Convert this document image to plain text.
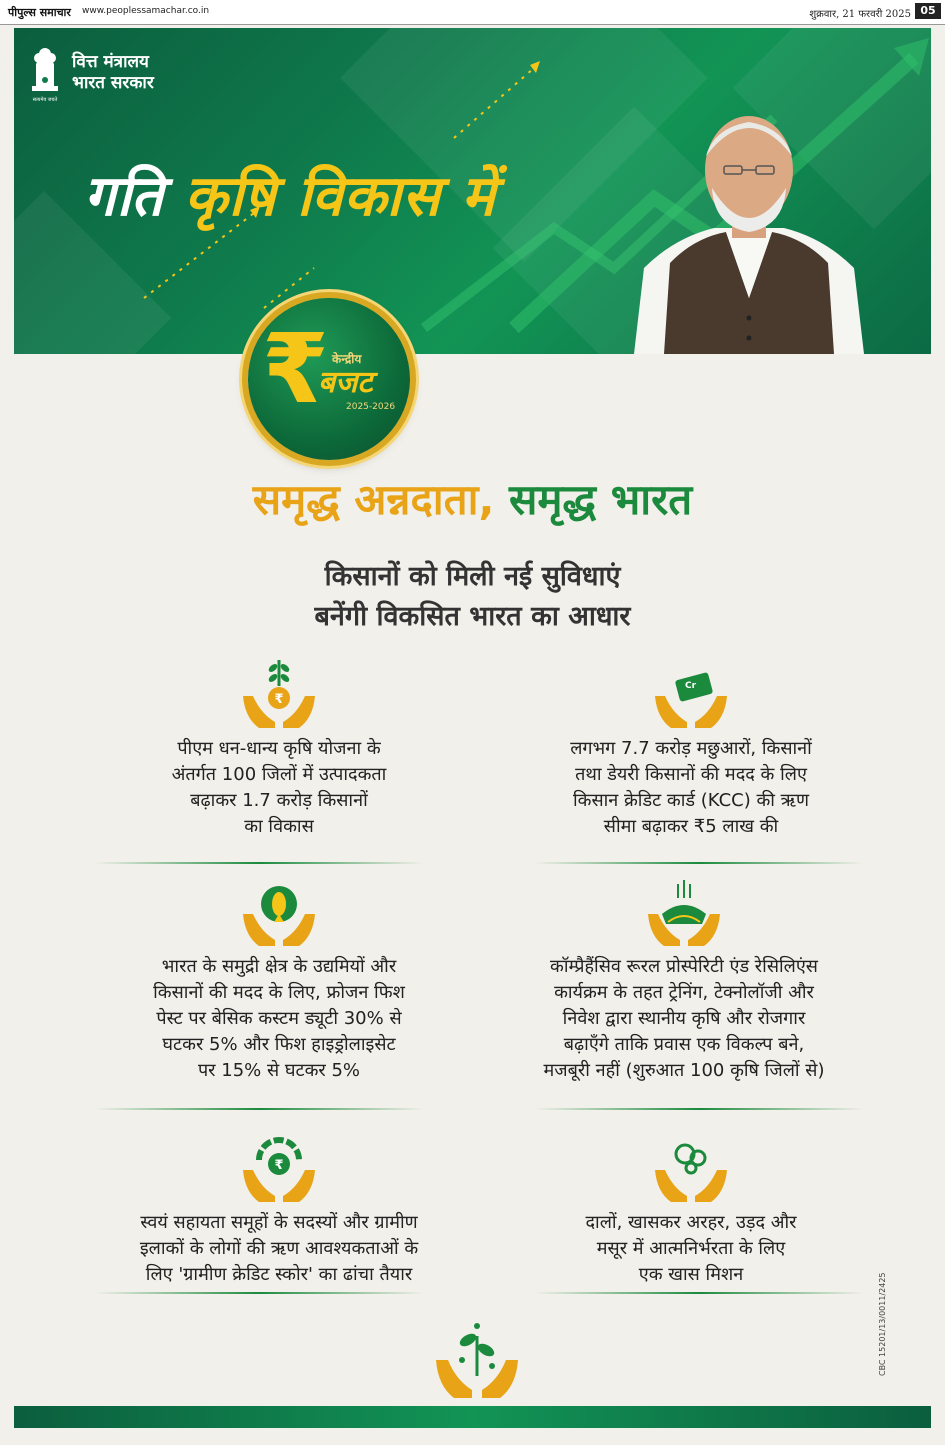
पीपुल्स समाचार www.peoplessamachar.co.in	शुक्रवार, 21 फरवरी 2025 05
सत्यमेव जयते
वित्त मंत्रालय
भारत सरकार
गति कृषि विकास में
₹ केन्द्रीय
बजट
2025-2026
समृद्ध अन्नदाता, समृद्ध भारत
किसानों को मिली नई सुविधाएं
बनेंगी विकसित भारत का आधार
₹
पीएम धन-धान्य कृषि योजना के
अंतर्गत 100 जिलों में उत्पादकता
बढ़ाकर 1.7 करोड़ किसानों
का विकास
Cr
लगभग 7.7 करोड़ मछुआरों, किसानों
तथा डेयरी किसानों की मदद के लिए
किसान क्रेडिट कार्ड (KCC) की ऋण
सीमा बढ़ाकर ₹5 लाख की
भारत के समुद्री क्षेत्र के उद्यमियों और
किसानों की मदद के लिए, फ्रोजन फिश
पेस्ट पर बेसिक कस्टम ड्यूटी 30% से
घटकर 5% और फिश हाइड्रोलाइसेट
पर 15% से घटकर 5%
कॉम्प्रैहैंसिव रूरल प्रोस्पेरिटी एंड रेसिलिएंस
कार्यक्रम के तहत ट्रेनिंग, टेक्नोलॉजी और
निवेश द्वारा स्थानीय कृषि और रोजगार
बढ़ाएँगे ताकि प्रवास एक विकल्प बने,
मजबूरी नहीं (शुरुआत 100 कृषि जिलों से)
₹
स्वयं सहायता समूहों के सदस्यों और ग्रामीण
इलाकों के लोगों की ऋण आवश्यकताओं के
लिए 'ग्रामीण क्रेडिट स्कोर' का ढांचा तैयार
दालों, खासकर अरहर, उड़द और
मसूर में आत्मनिर्भरता के लिए
एक खास मिशन	CBC 15201/13/0011/2425
